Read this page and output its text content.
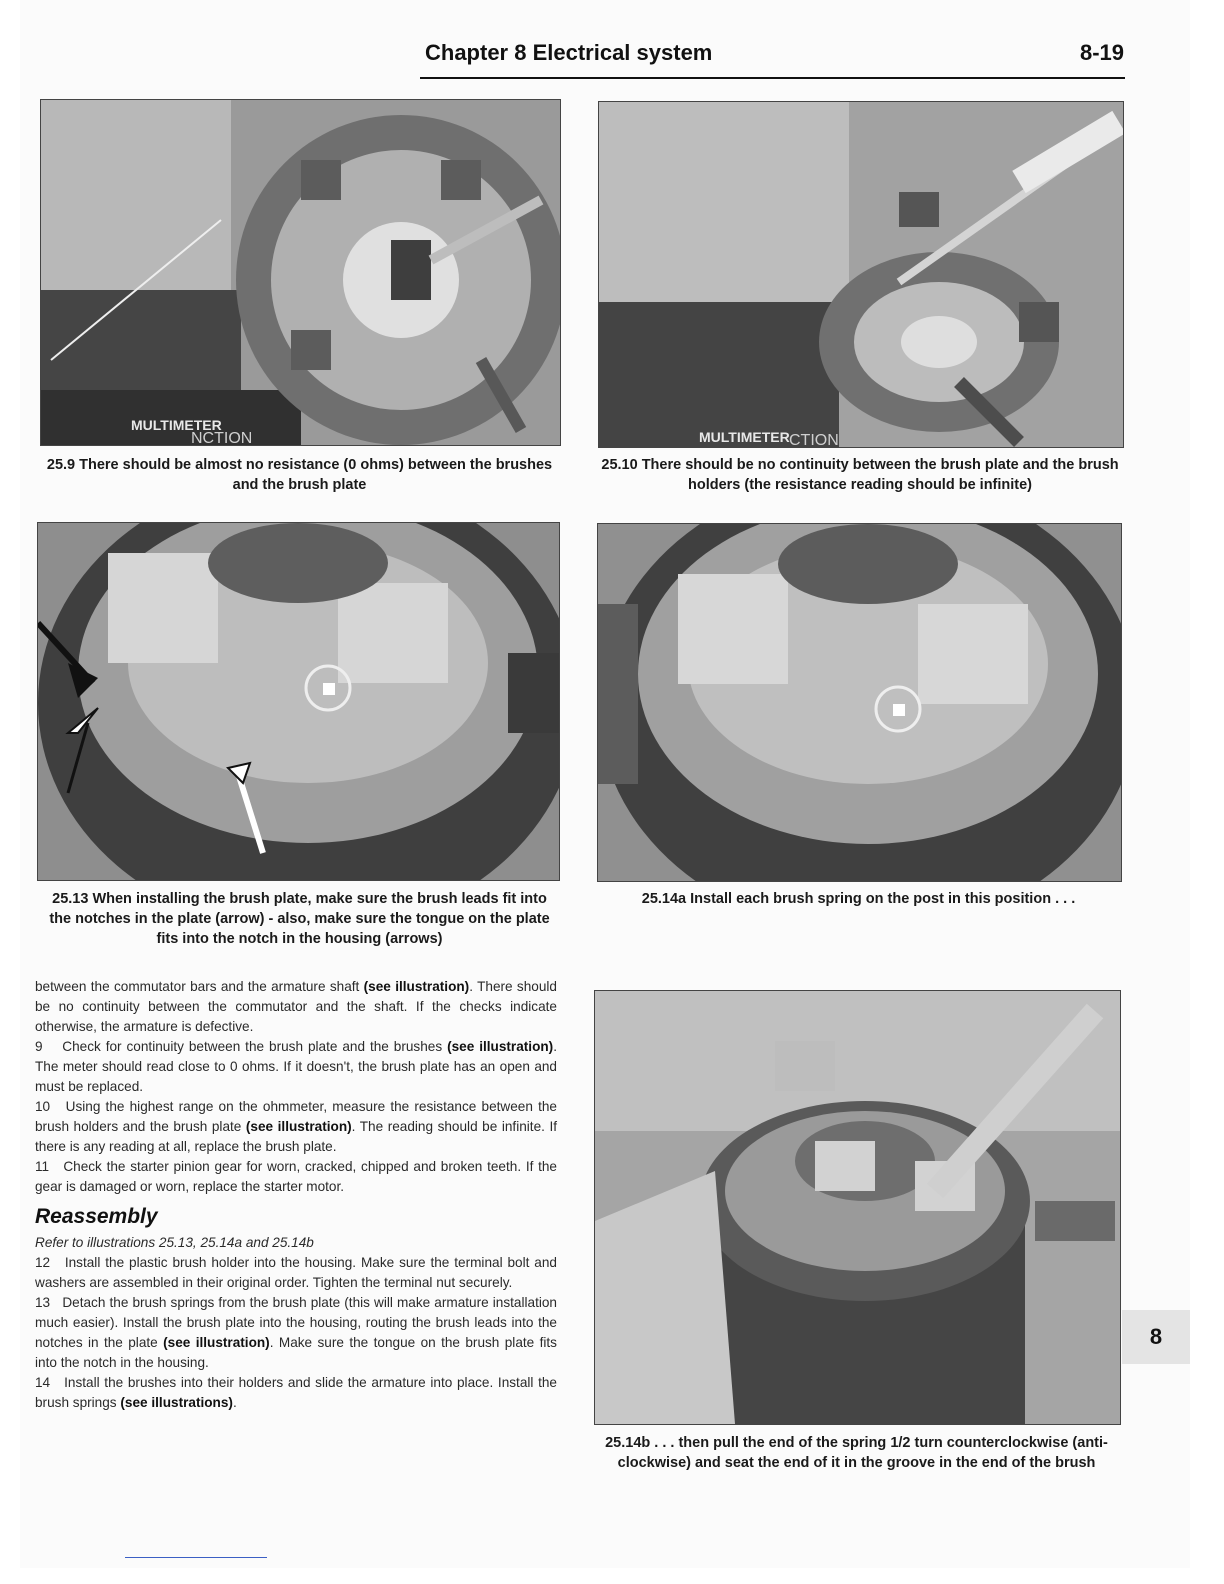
Chapter 8 Electrical system	8-19
MULTIMETER
NCTION
25.9 There should be almost no resistance (0 ohms) between the brushes and the brush plate
MULTIMETER CTION
25.10 There should be no continuity between the brush plate and the brush holders (the resistance reading should be infinite)
25.13 When installing the brush plate, make sure the brush leads fit into the notches in the plate (arrow) - also, make sure the tongue on the plate fits into the notch in the housing (arrows)
25.14a Install each brush spring on the post in this position . . .
25.14b . . . then pull the end of the spring 1/2 turn counterclockwise (anti-clockwise) and seat the end of it in the groove in the end of the brush

between the commutator bars and the armature shaft (see illustration). There should be no continuity between the commutator and the shaft. If the checks indicate otherwise, the armature is defective.

9 Check for continuity between the brush plate and the brushes (see illustration). The meter should read close to 0 ohms. If it doesn't, the brush plate has an open and must be replaced.

10 Using the highest range on the ohmmeter, measure the resistance between the brush holders and the brush plate (see illustration). The reading should be infinite. If there is any reading at all, replace the brush plate.

11 Check the starter pinion gear for worn, cracked, chipped and broken teeth. If the gear is damaged or worn, replace the starter motor.

Reassembly

Refer to illustrations 25.13, 25.14a and 25.14b

12 Install the plastic brush holder into the housing. Make sure the terminal bolt and washers are assembled in their original order. Tighten the terminal nut securely.

13 Detach the brush springs from the brush plate (this will make armature installation much easier). Install the brush plate into the housing, routing the brush leads into the notches in the plate (see illustration). Make sure the tongue on the brush plate fits into the notch in the housing.

14 Install the brushes into their holders and slide the armature into place. Install the brush springs (see illustrations).

8
